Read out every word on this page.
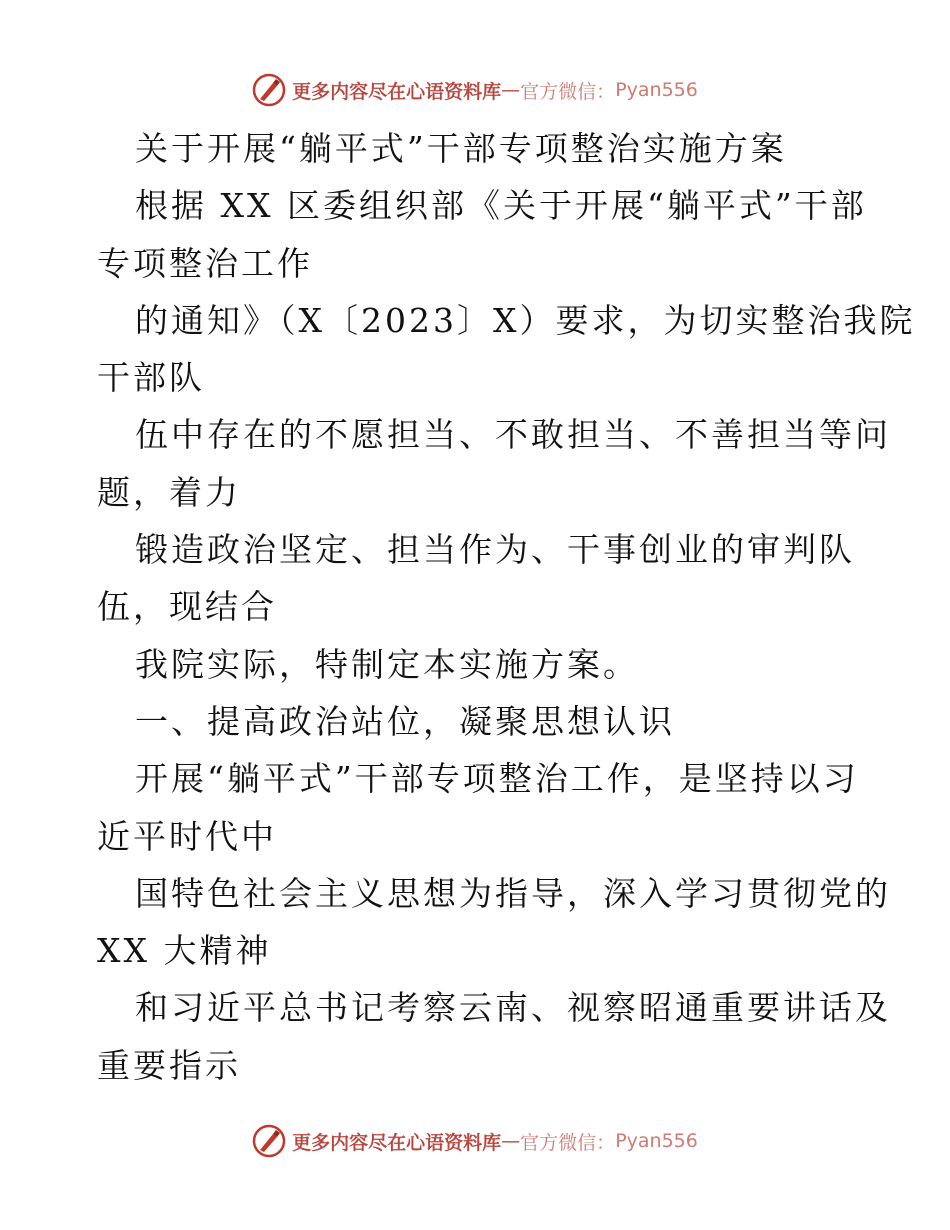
更多内容尽在心语资料库 — 官方微信： Pyan556
关于开展“躺平式”干部专项整治实施方案
根据 XX 区委组织部《关于开展“躺平式”干部
专项整治工作
的通知》（X〔2023〕X）要求，为切实整治我院
干部队
伍中存在的不愿担当、不敢担当、不善担当等问
题，着力
锻造政治坚定、担当作为、干事创业的审判队
伍，现结合
我院实际，特制定本实施方案。
一、提高政治站位，凝聚思想认识
开展“躺平式”干部专项整治工作，是坚持以习
近平时代中
国特色社会主义思想为指导，深入学习贯彻党的
XX 大精神
和习近平总书记考察云南、视察昭通重要讲话及
重要指示
更多内容尽在心语资料库 — 官方微信： Pyan556
